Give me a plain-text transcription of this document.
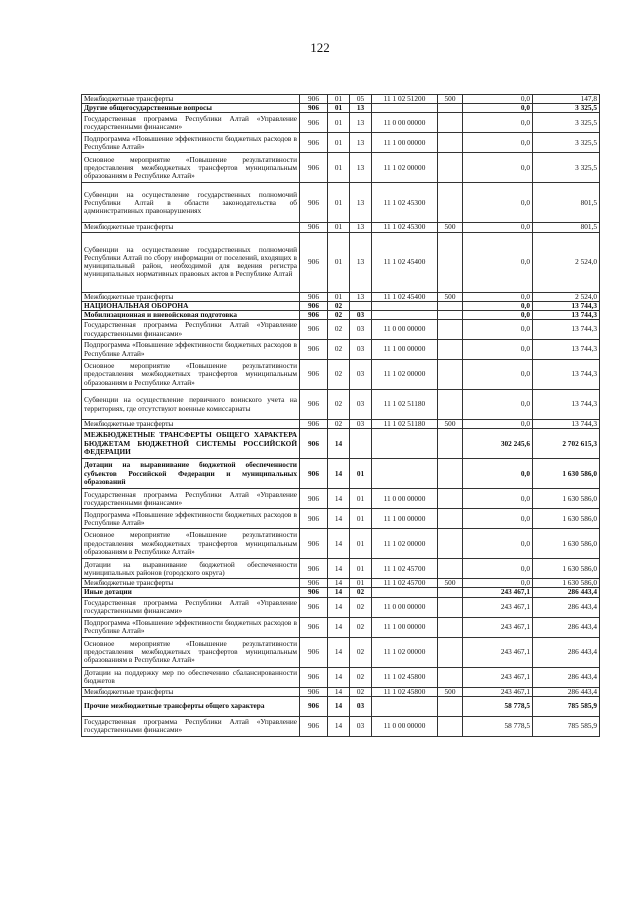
122
Межбюджетные трансферты	906	01	05	11 1 02 51200	500	0,0	147,8
Другие общегосударственные вопросы	906	01	13			0,0	3 325,5
Государственная программа Республики Алтай «Управление государственными финансами»	906	01	13	11 0 00 00000		0,0	3 325,5
Подпрограмма «Повышение эффективности бюджетных расходов в Республике Алтай»	906	01	13	11 1 00 00000		0,0	3 325,5
Основное мероприятие «Повышение результативности предоставления межбюджетных трансфертов муниципальным образованиям в Республике Алтай»	906	01	13	11 1 02 00000		0,0	3 325,5
Субвенции на осуществление государственных полномочий Республики Алтай в области законодательства об административных правонарушениях	906	01	13	11 1 02 45300		0,0	801,5
Межбюджетные трансферты	906	01	13	11 1 02 45300	500	0,0	801,5
Субвенции на осуществление государственных полномочий Республики Алтай по сбору информации от поселений, входящих в муниципальный район, необходимой для ведения регистра муниципальных нормативных правовых актов в Республике Алтай	906	01	13	11 1 02 45400		0,0	2 524,0
Межбюджетные трансферты	906	01	13	11 1 02 45400	500	0,0	2 524,0
НАЦИОНАЛЬНАЯ ОБОРОНА	906	02				0,0	13 744,3
Мобилизационная и вневойсковая подготовка	906	02	03			0,0	13 744,3
Государственная программа Республики Алтай «Управление государственными финансами»	906	02	03	11 0 00 00000		0,0	13 744,3
Подпрограмма «Повышение эффективности бюджетных расходов в Республике Алтай»	906	02	03	11 1 00 00000		0,0	13 744,3
Основное мероприятие «Повышение результативности предоставления межбюджетных трансфертов муниципальным образованиям в Республике Алтай»	906	02	03	11 1 02 00000		0,0	13 744,3
Субвенции на осуществление первичного воинского учета на территориях, где отсутствуют военные комиссариаты	906	02	03	11 1 02 51180		0,0	13 744,3
Межбюджетные трансферты	906	02	03	11 1 02 51180	500	0,0	13 744,3
МЕЖБЮДЖЕТНЫЕ ТРАНСФЕРТЫ ОБЩЕГО ХАРАКТЕРА БЮДЖЕТАМ БЮДЖЕТНОЙ СИСТЕМЫ РОССИЙСКОЙ ФЕДЕРАЦИИ	906	14				302 245,6	2 702 615,3
Дотации на выравнивание бюджетной обеспеченности субъектов Российской Федерации и муниципальных образований	906	14	01			0,0	1 630 586,0
Государственная программа Республики Алтай «Управление государственными финансами»	906	14	01	11 0 00 00000		0,0	1 630 586,0
Подпрограмма «Повышение эффективности бюджетных расходов в Республике Алтай»	906	14	01	11 1 00 00000		0,0	1 630 586,0
Основное мероприятие «Повышение результативности предоставления межбюджетных трансфертов муниципальным образованиям в Республике Алтай»	906	14	01	11 1 02 00000		0,0	1 630 586,0
Дотации на выравнивание бюджетной обеспеченности муниципальных районов (городского округа)	906	14	01	11 1 02 45700		0,0	1 630 586,0
Межбюджетные трансферты	906	14	01	11 1 02 45700	500	0,0	1 630 586,0
Иные дотации	906	14	02			243 467,1	286 443,4
Государственная программа Республики Алтай «Управление государственными финансами»	906	14	02	11 0 00 00000		243 467,1	286 443,4
Подпрограмма «Повышение эффективности бюджетных расходов в Республике Алтай»	906	14	02	11 1 00 00000		243 467,1	286 443,4
Основное мероприятие «Повышение результативности предоставления межбюджетных трансфертов муниципальным образованиям в Республике Алтай»	906	14	02	11 1 02 00000		243 467,1	286 443,4
Дотации на поддержку мер по обеспечению сбалансированности бюджетов	906	14	02	11 1 02 45800		243 467,1	286 443,4
Межбюджетные трансферты	906	14	02	11 1 02 45800	500	243 467,1	286 443,4
Прочие межбюджетные трансферты общего характера	906	14	03			58 778,5	785 585,9
Государственная программа Республики Алтай «Управление государственными финансами»	906	14	03	11 0 00 00000		58 778,5	785 585,9
